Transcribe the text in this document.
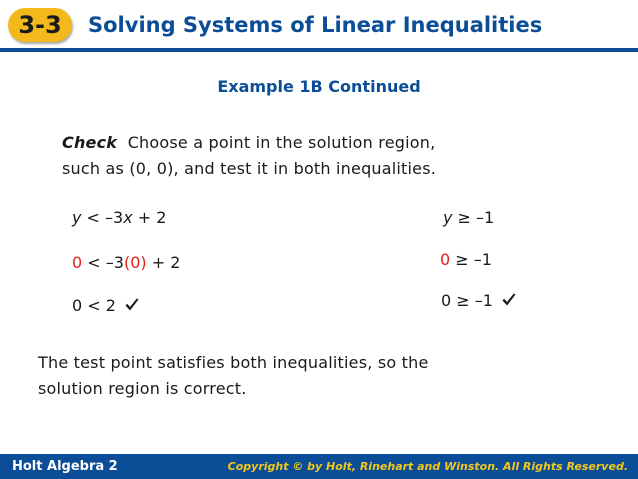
3-3	Solving Systems of Linear Inequalities
Example 1B Continued
Check Choose a point in the solution region,
such as (0, 0), and test it in both inequalities.
y < –3x + 2
0 < –3(0) + 2
0 < 2
y ≥ –1
0 ≥ –1
0 ≥ –1
The test point satisfies both inequalities, so the
solution region is correct.
Holt Algebra 2	Copyright © by Holt, Rinehart and Winston. All Rights Reserved.
